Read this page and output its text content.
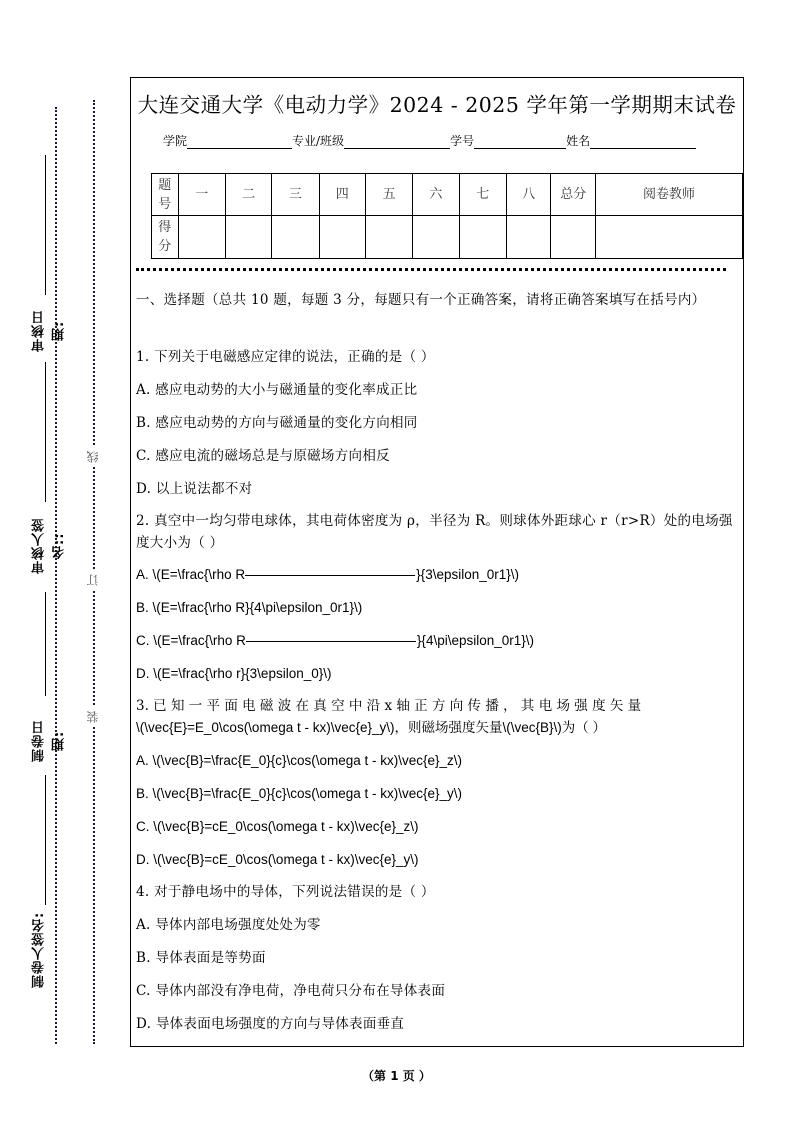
审核日期:
审核人签名::
制卷日期:
制卷人签名:
线
订
装
大连交通大学《电动力学》2024 - 2025 学年第一学期期末试卷
学院	专业/班级	学号	姓名
题号	一	二	三	四	五	六	七	八	总分	阅卷教师
得分										
一、选择题（总共 10 题，每题 3 分，每题只有一个正确答案，请将正确答案填写在括号内）
1. 下列关于电磁感应定律的说法，正确的是（ ）
A. 感应电动势的大小与磁通量的变化率成正比
B. 感应电动势的方向与磁通量的变化方向相同
C. 感应电流的磁场总是与原磁场方向相反
D. 以上说法都不对
2. 真空中一均匀带电球体，其电荷体密度为 ρ，半径为 R。则球体外距球心 r（r>R）处的电场强度大小为（ ）
A. \(E=\frac{\rho R	}{3\epsilon_0r1}\)
B. \(E=\frac{\rho R}{4\pi\epsilon_0r1}\)
C. \(E=\frac{\rho R	}{4\pi\epsilon_0r1}\)
D. \(E=\frac{\rho r}{3\epsilon_0}\)
3. 已 知 一 平 面 电 磁 波 在 真 空 中 沿 x 轴 正 方 向 传 播 ， 其 电 场 强 度 矢 量
\(\vec{E}=E_0\cos(\omega t - kx)\vec{e}_y\)，则磁场强度矢量\(\vec{B}\)为（ ）
A. \(\vec{B}=\frac{E_0}{c}\cos(\omega t - kx)\vec{e}_z\)
B. \(\vec{B}=\frac{E_0}{c}\cos(\omega t - kx)\vec{e}_y\)
C. \(\vec{B}=cE_0\cos(\omega t - kx)\vec{e}_z\)
D. \(\vec{B}=cE_0\cos(\omega t - kx)\vec{e}_y\)
4. 对于静电场中的导体，下列说法错误的是（ ）
A. 导体内部电场强度处处为零
B. 导体表面是等势面
C. 导体内部没有净电荷，净电荷只分布在导体表面
D. 导体表面电场强度的方向与导体表面垂直
（第 1 页 ）
